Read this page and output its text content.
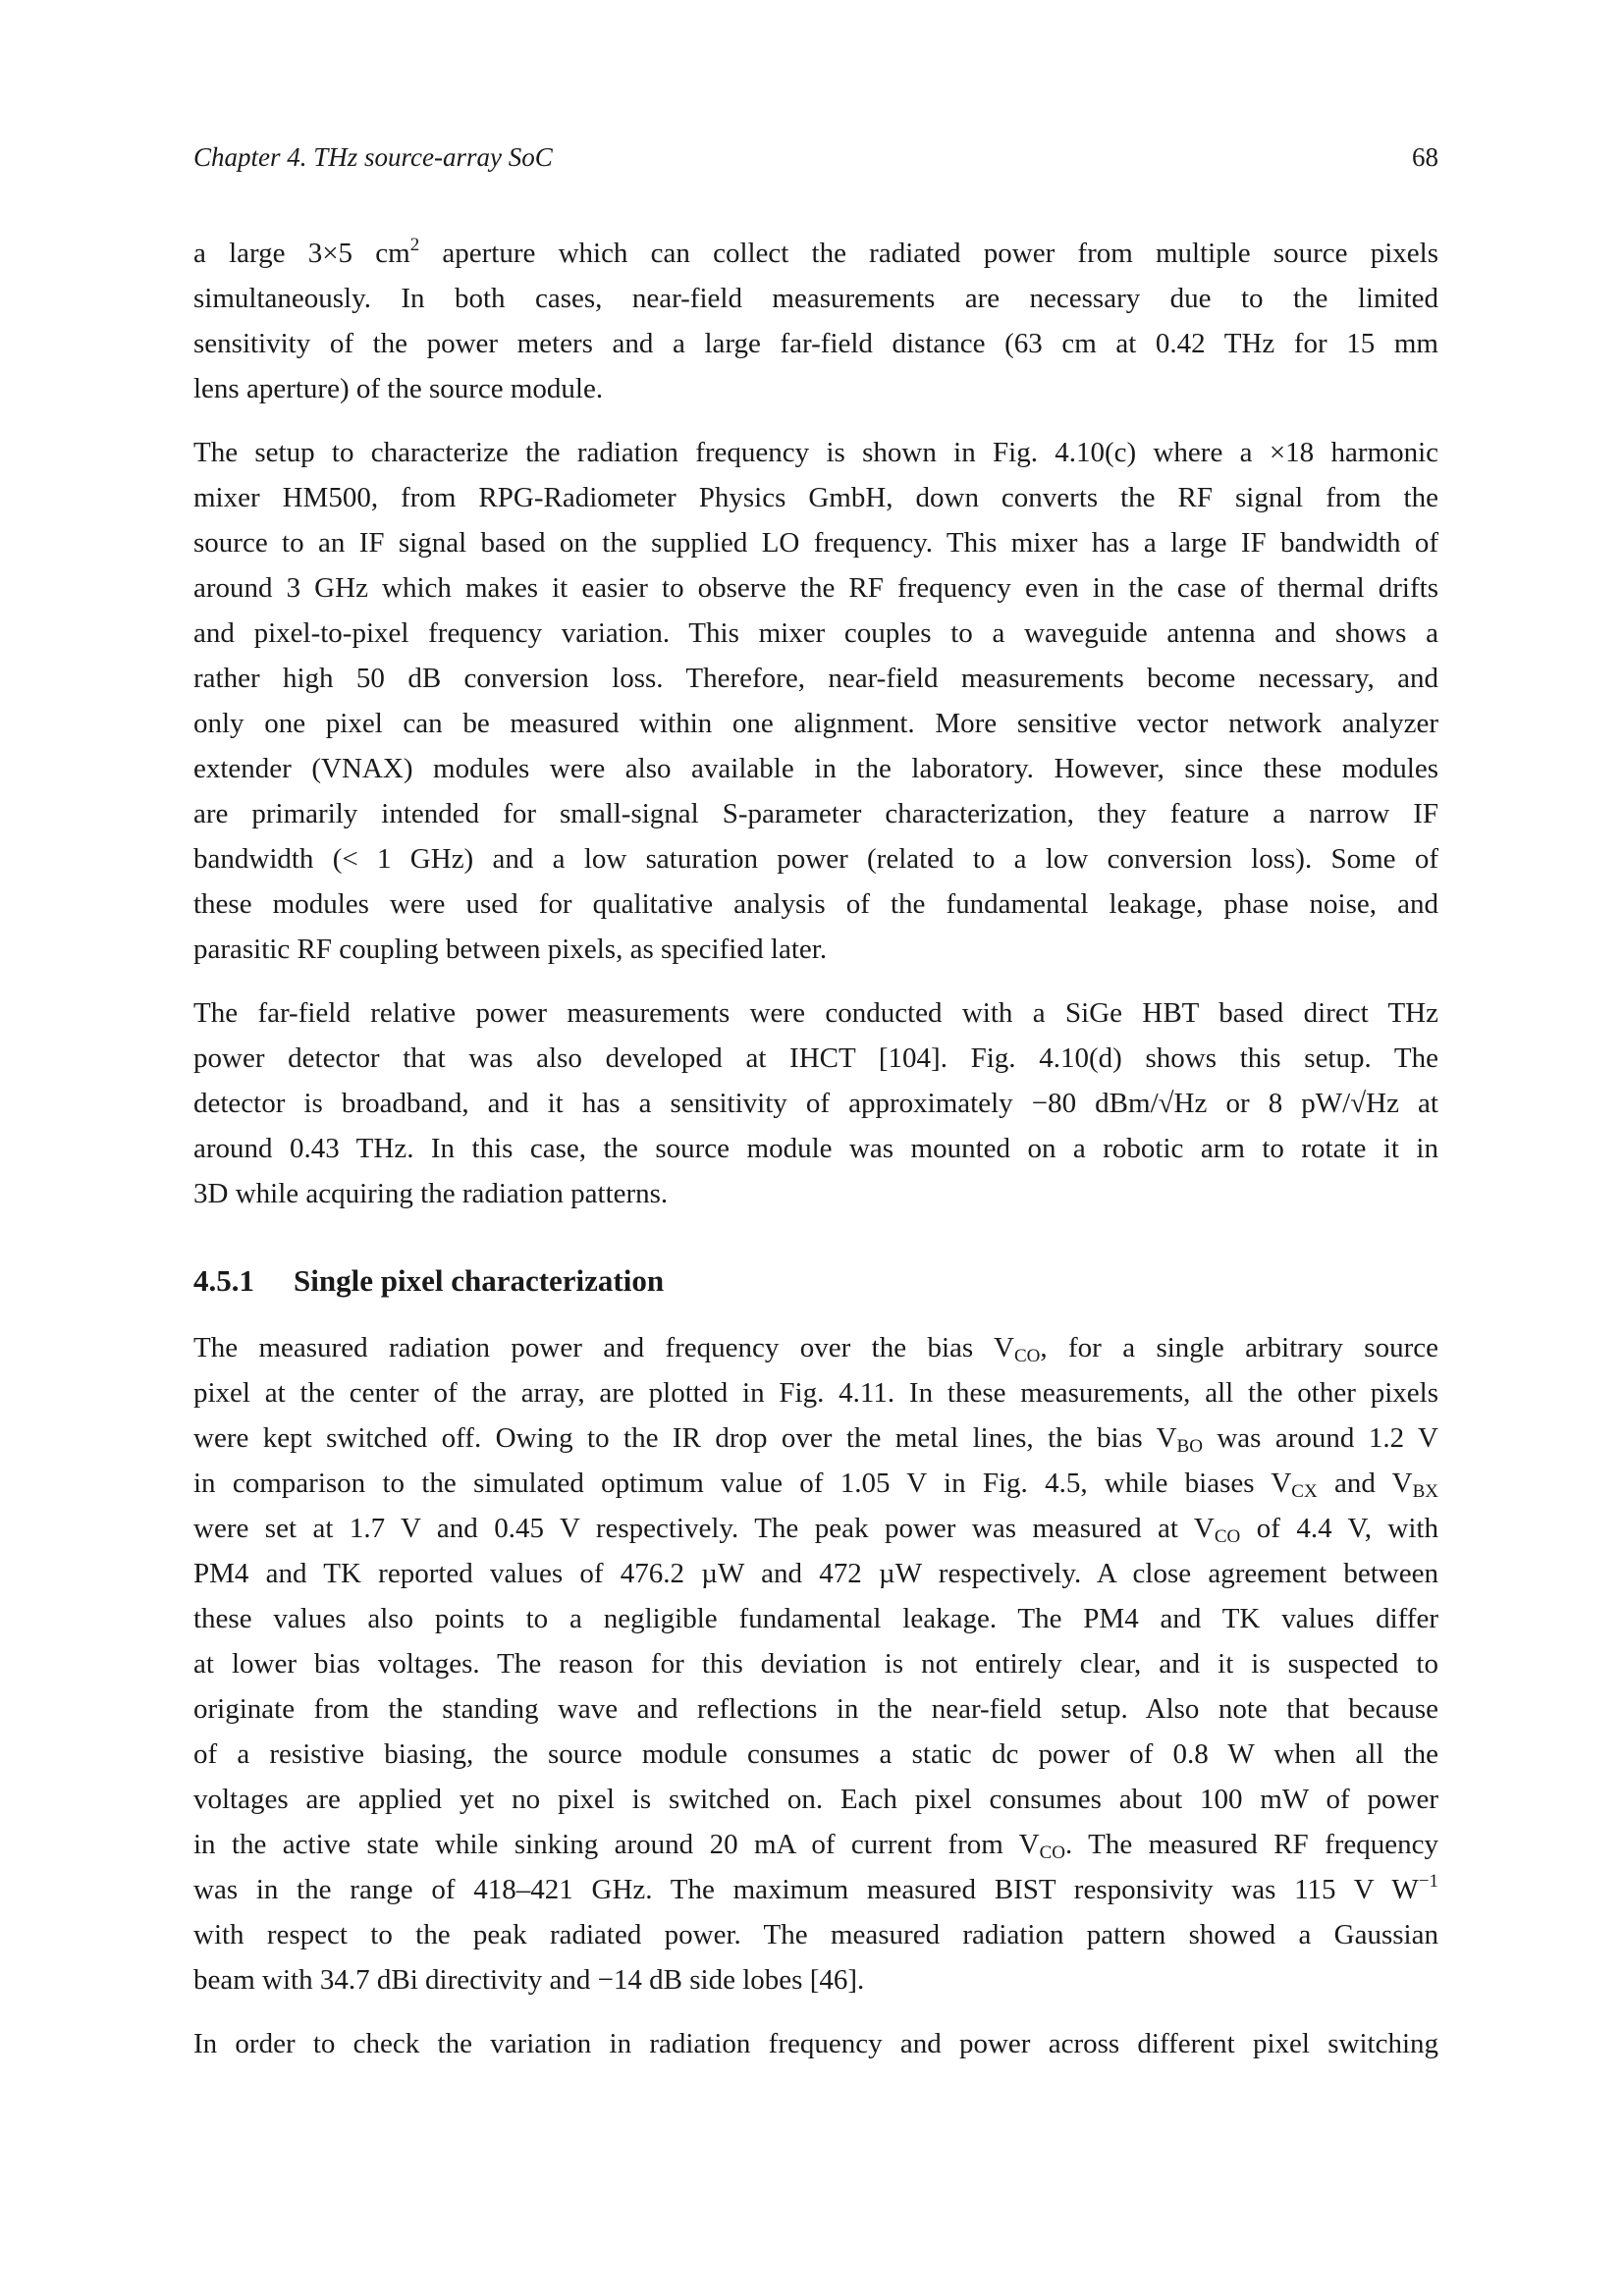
Chapter 4. THz source-array SoC	68
a large 3×5 $cm^2$ aperture which can collect the radiated power from multiple source pixels
simultaneously. In both cases, near-field measurements are necessary due to the limited
sensitivity of the power meters and a large far-field distance (63 cm at 0.42 THz for 15 mm
lens aperture) of the source module.
The setup to characterize the radiation frequency is shown in Fig. 4.10(c) where a ×18 harmonic
mixer HM500, from RPG-Radiometer Physics GmbH, down converts the RF signal from the
source to an IF signal based on the supplied LO frequency. This mixer has a large IF bandwidth of
around 3 GHz which makes it easier to observe the RF frequency even in the case of thermal drifts
and pixel-to-pixel frequency variation. This mixer couples to a waveguide antenna and shows a
rather high 50 dB conversion loss. Therefore, near-field measurements become necessary, and
only one pixel can be measured within one alignment. More sensitive vector network analyzer
extender (VNAX) modules were also available in the laboratory. However, since these modules
are primarily intended for small-signal S-parameter characterization, they feature a narrow IF
bandwidth (< 1 GHz) and a low saturation power (related to a low conversion loss). Some of
these modules were used for qualitative analysis of the fundamental leakage, phase noise, and
parasitic RF coupling between pixels, as specified later.
The far-field relative power measurements were conducted with a SiGe HBT based direct THz
power detector that was also developed at IHCT [104]. Fig. 4.10(d) shows this setup. The
detector is broadband, and it has a sensitivity of approximately −80 dBm/√Hz or 8 pW/√Hz at
around 0.43 THz. In this case, the source module was mounted on a robotic arm to rotate it in
3D while acquiring the radiation patterns.
4.5.1 Single pixel characterization
The measured radiation power and frequency over the bias $V_{CO}$, for a single arbitrary source
pixel at the center of the array, are plotted in Fig. 4.11. In these measurements, all the other pixels
were kept switched off. Owing to the IR drop over the metal lines, the bias $V_{BO}$ was around 1.2 V
in comparison to the simulated optimum value of 1.05 V in Fig. 4.5, while biases $V_{CX}$ and $V_{BX}$
were set at 1.7 V and 0.45 V respectively. The peak power was measured at $V_{CO}$ of 4.4 V, with
PM4 and TK reported values of 476.2 µW and 472 µW respectively. A close agreement between
these values also points to a negligible fundamental leakage. The PM4 and TK values differ
at lower bias voltages. The reason for this deviation is not entirely clear, and it is suspected to
originate from the standing wave and reflections in the near-field setup. Also note that because
of a resistive biasing, the source module consumes a static dc power of 0.8 W when all the
voltages are applied yet no pixel is switched on. Each pixel consumes about 100 mW of power
in the active state while sinking around 20 mA of current from $V_{CO}$. The measured RF frequency
was in the range of 418–421 GHz. The maximum measured BIST responsivity was 115 V $W^{-1}$
with respect to the peak radiated power. The measured radiation pattern showed a Gaussian
beam with 34.7 dBi directivity and −14 dB side lobes [46].
In order to check the variation in radiation frequency and power across different pixel switching
